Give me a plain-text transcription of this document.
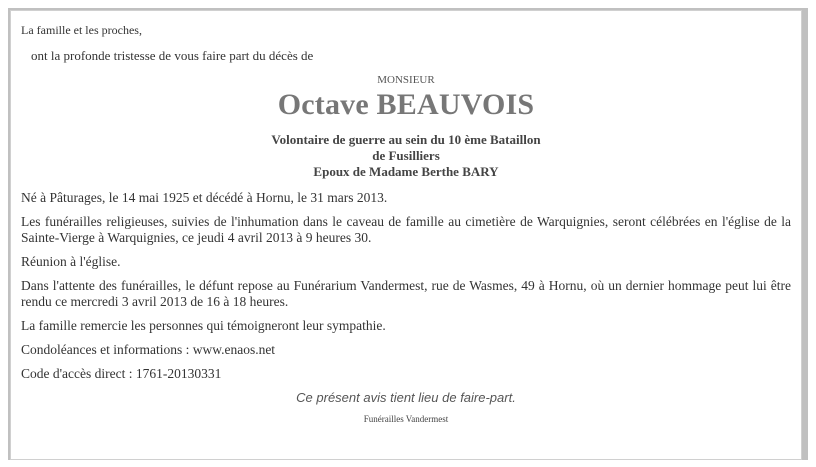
La famille et les proches,

ont la profonde tristesse de vous faire part du décès de

MONSIEUR

Octave BEAUVOIS

Volontaire de guerre au sein du 10 ème Bataillon
de Fusilliers
Epoux de Madame Berthe BARY

Né à Pâturages, le 14 mai 1925 et décédé à Hornu, le 31 mars 2013.

Les funérailles religieuses, suivies de l'inhumation dans le caveau de famille au cimetière de Warquignies, seront célébrées en l'église de la Sainte-Vierge à Warquignies, ce jeudi 4 avril 2013 à 9 heures 30.

Réunion à l'église.

Dans l'attente des funérailles, le défunt repose au Funérarium Vandermest, rue de Wasmes, 49 à Hornu, où un dernier hommage peut lui être rendu ce mercredi 3 avril 2013 de 16 à 18 heures.

La famille remercie les personnes qui témoigneront leur sympathie.

Condoléances et informations : www.enaos.net

Code d'accès direct : 1761-20130331

Ce présent avis tient lieu de faire-part.

Funérailles Vandermest
